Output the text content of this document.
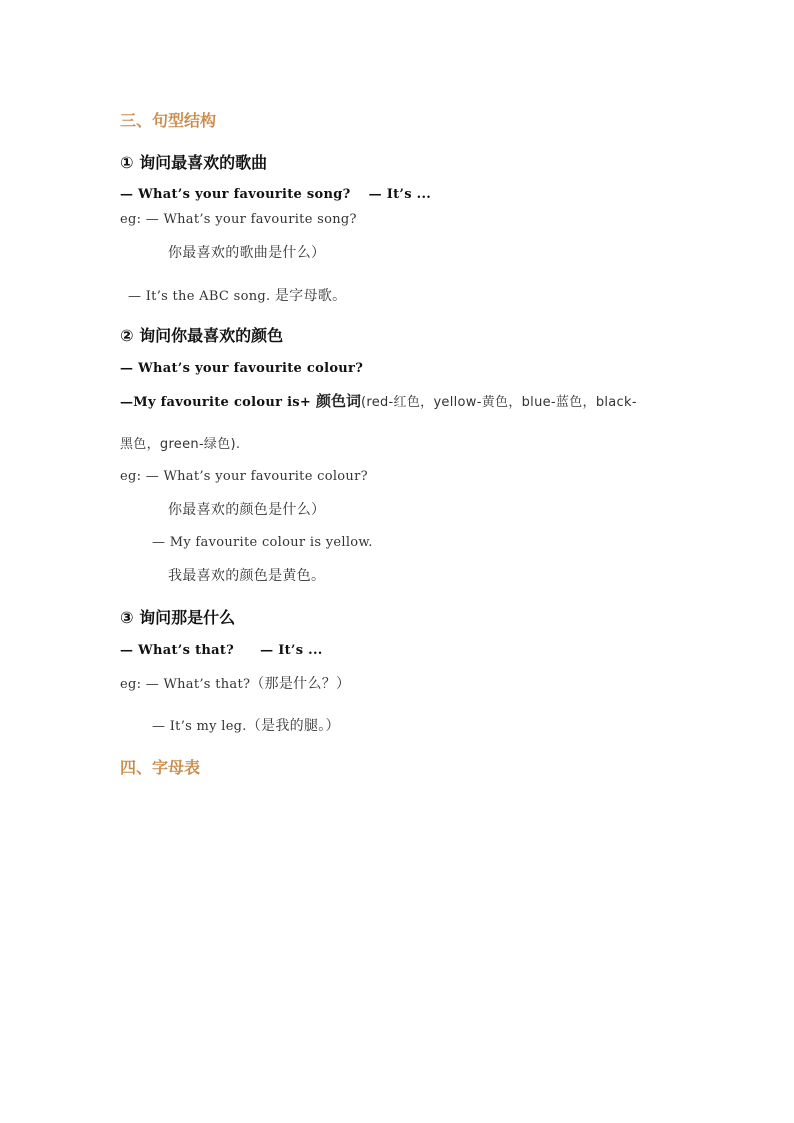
三、句型结构
① 询问最喜欢的歌曲
— What’s your favourite song? — It’s ...
eg: — What’s your favourite song?
你最喜欢的歌曲是什么）
— It’s the ABC song. 是字母歌。
② 询问你最喜欢的颜色
— What’s your favourite colour?
—My favourite colour is+ 颜色词(red-红色，yellow-黄色，blue-蓝色，black-
黑色，green-绿色).
eg: — What’s your favourite colour?
你最喜欢的颜色是什么）
— My favourite colour is yellow.
我最喜欢的颜色是黄色。
③ 询问那是什么
— What’s that? — It’s ...
eg: — What’s that?（那是什么？）
— It’s my leg.（是我的腿。）
四、字母表
